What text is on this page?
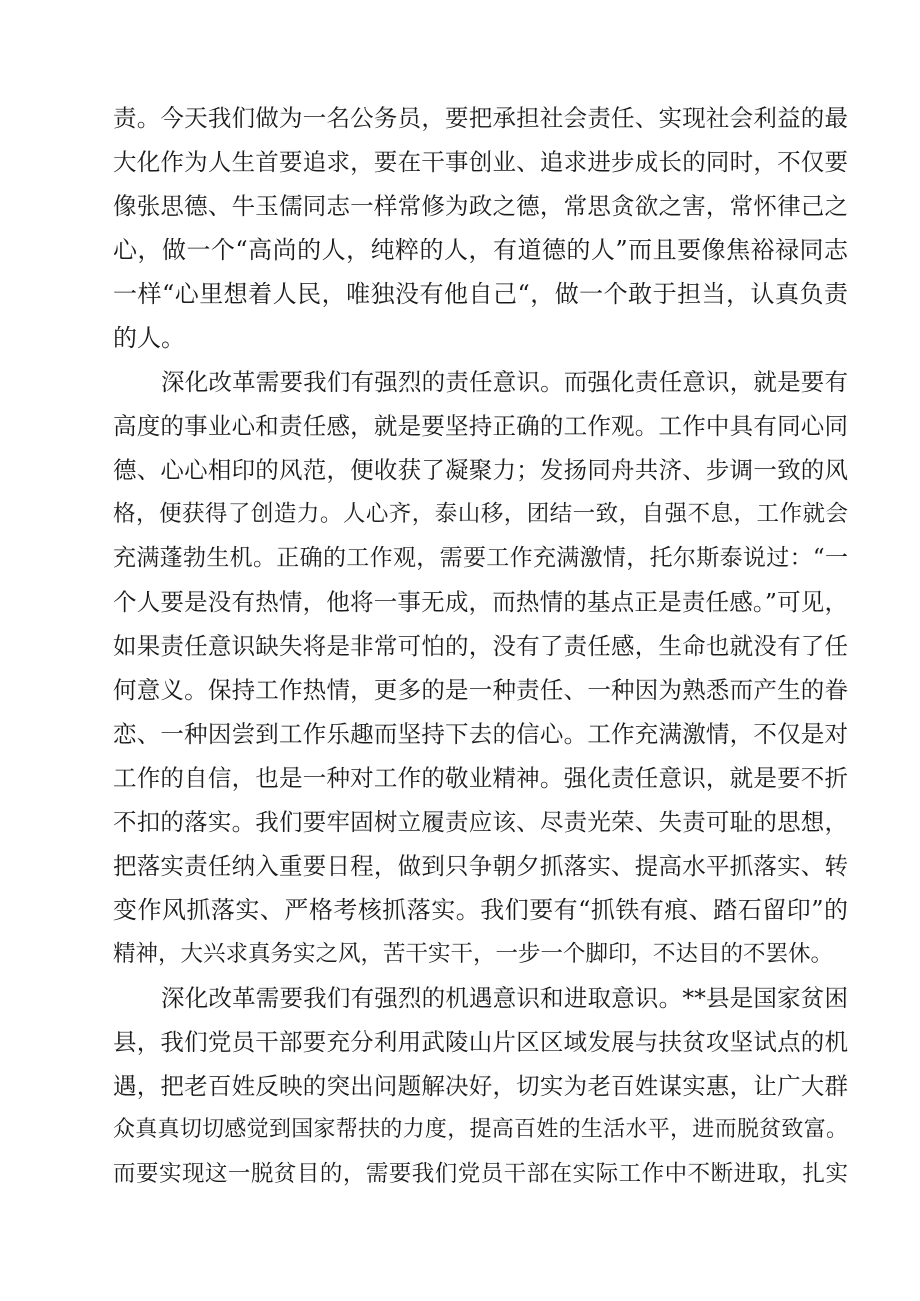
责。今天我们做为一名公务员，要把承担社会责任、实现社会利益的最
大化作为人生首要追求，要在干事创业、追求进步成长的同时，不仅要
像张思德、牛玉儒同志一样常修为政之德，常思贪欲之害，常怀律己之
心，做一个“高尚的人，纯粹的人，有道德的人”而且要像焦裕禄同志
一样“心里想着人民，唯独没有他自己“，做一个敢于担当，认真负责
的人。
深化改革需要我们有强烈的责任意识。而强化责任意识，就是要有
高度的事业心和责任感，就是要坚持正确的工作观。工作中具有同心同
德、心心相印的风范，便收获了凝聚力；发扬同舟共济、步调一致的风
格，便获得了创造力。人心齐，泰山移，团结一致，自强不息，工作就会
充满蓬勃生机。正确的工作观，需要工作充满激情，托尔斯泰说过：“一
个人要是没有热情，他将一事无成，而热情的基点正是责任感。”可见，
如果责任意识缺失将是非常可怕的，没有了责任感，生命也就没有了任
何意义。保持工作热情，更多的是一种责任、一种因为熟悉而产生的眷
恋、一种因尝到工作乐趣而坚持下去的信心。工作充满激情，不仅是对
工作的自信，也是一种对工作的敬业精神。强化责任意识，就是要不折
不扣的落实。我们要牢固树立履责应该、尽责光荣、失责可耻的思想，
把落实责任纳入重要日程，做到只争朝夕抓落实、提高水平抓落实、转
变作风抓落实、严格考核抓落实。我们要有“抓铁有痕、踏石留印”的
精神，大兴求真务实之风，苦干实干，一步一个脚印，不达目的不罢休。
深化改革需要我们有强烈的机遇意识和进取意识。**县是国家贫困
县，我们党员干部要充分利用武陵山片区区域发展与扶贫攻坚试点的机
遇，把老百姓反映的突出问题解决好，切实为老百姓谋实惠，让广大群
众真真切切感觉到国家帮扶的力度，提高百姓的生活水平，进而脱贫致富。
而要实现这一脱贫目的，需要我们党员干部在实际工作中不断进取，扎实
